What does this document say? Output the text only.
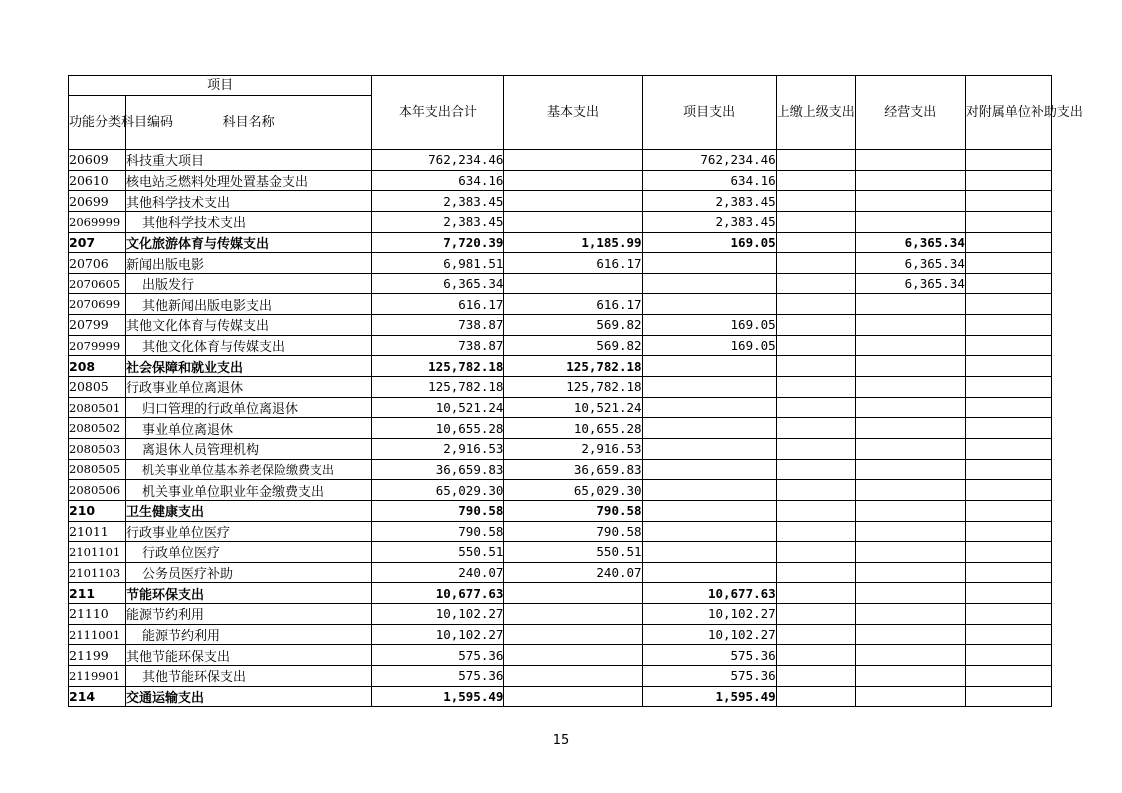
项目		本年支出合计	基本支出	项目支出	上缴上级支出	经营支出	对附属单位补助支出
功能分类科目编码	科目名称						
20609	科技重大项目	762,234.46		762,234.46			
20610	核电站乏燃料处理处置基金支出	634.16		634.16			
20699	其他科学技术支出	2,383.45		2,383.45			
2069999	其他科学技术支出	2,383.45		2,383.45			
207	文化旅游体育与传媒支出	7,720.39	1,185.99	169.05		6,365.34	
20706	新闻出版电影	6,981.51	616.17			6,365.34	
2070605	出版发行	6,365.34				6,365.34	
2070699	其他新闻出版电影支出	616.17	616.17				
20799	其他文化体育与传媒支出	738.87	569.82	169.05			
2079999	其他文化体育与传媒支出	738.87	569.82	169.05			
208	社会保障和就业支出	125,782.18	125,782.18				
20805	行政事业单位离退休	125,782.18	125,782.18				
2080501	归口管理的行政单位离退休	10,521.24	10,521.24				
2080502	事业单位离退休	10,655.28	10,655.28				
2080503	离退休人员管理机构	2,916.53	2,916.53				
2080505	机关事业单位基本养老保险缴费支出	36,659.83	36,659.83				
2080506	机关事业单位职业年金缴费支出	65,029.30	65,029.30				
210	卫生健康支出	790.58	790.58				
21011	行政事业单位医疗	790.58	790.58				
2101101	行政单位医疗	550.51	550.51				
2101103	公务员医疗补助	240.07	240.07				
211	节能环保支出	10,677.63		10,677.63			
21110	能源节约利用	10,102.27		10,102.27			
2111001	能源节约利用	10,102.27		10,102.27			
21199	其他节能环保支出	575.36		575.36			
2119901	其他节能环保支出	575.36		575.36			
214	交通运输支出	1,595.49		1,595.49			
15
